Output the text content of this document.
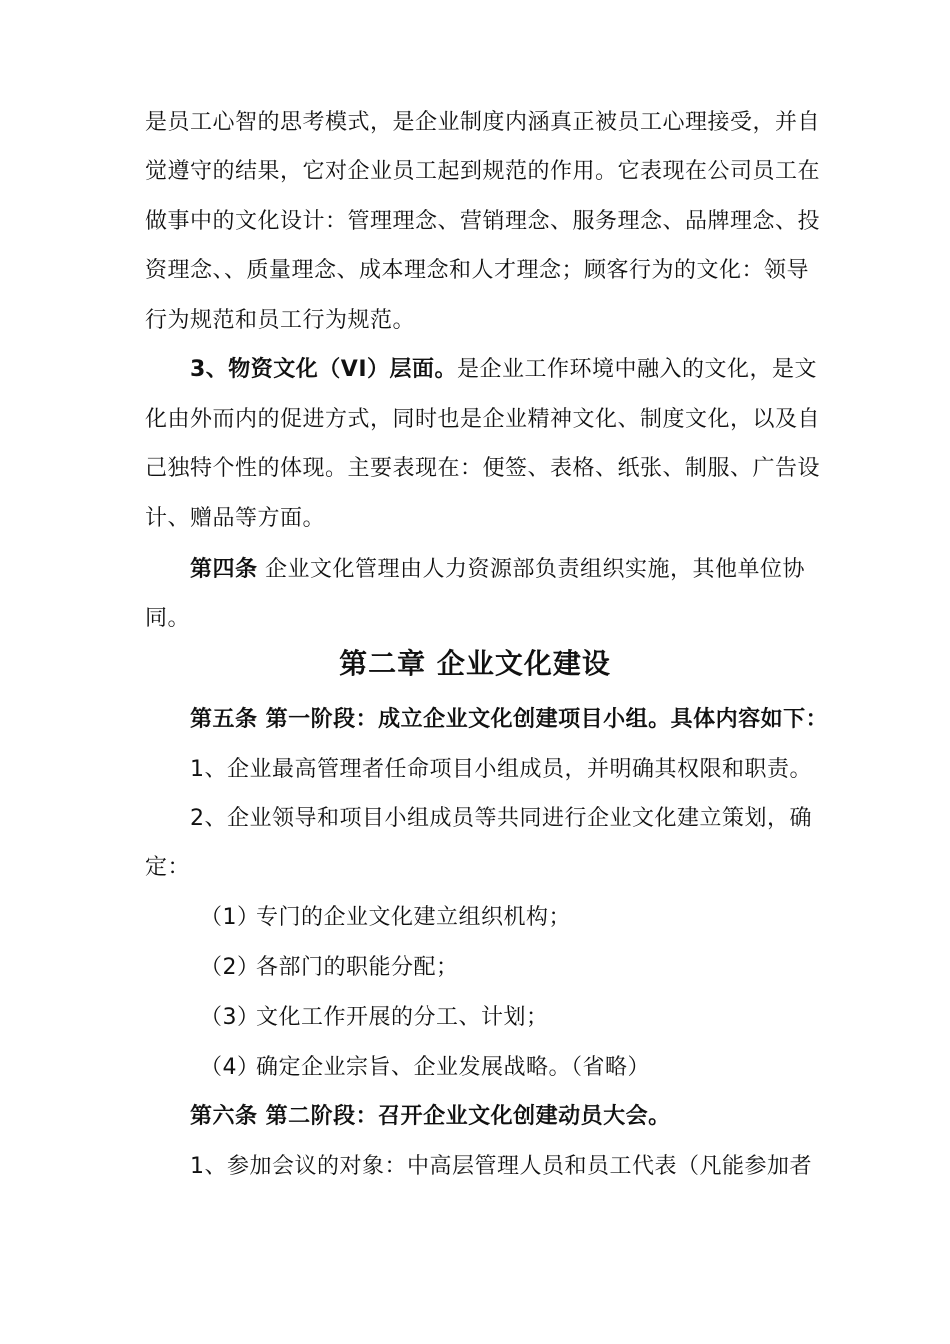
是员工心智的思考模式，是企业制度内涵真正被员工心理接受，并自
觉遵守的结果，它对企业员工起到规范的作用。它表现在公司员工在
做事中的文化设计：管理理念、营销理念、服务理念、品牌理念、投
资理念、、质量理念、成本理念和人才理念；顾客行为的文化：领导
行为规范和员工行为规范。
3、物资文化（VI）层面。是企业工作环境中融入的文化，是文
化由外而内的促进方式，同时也是企业精神文化、制度文化，以及自
己独特个性的体现。主要表现在：便签、表格、纸张、制服、广告设
计、赠品等方面。
第四条 企业文化管理由人力资源部负责组织实施，其他单位协
同。
第二章 企业文化建设
第五条 第一阶段：成立企业文化创建项目小组。具体内容如下：
1、企业最高管理者任命项目小组成员，并明确其权限和职责。
2、企业领导和项目小组成员等共同进行企业文化建立策划，确
定：
（1）专门的企业文化建立组织机构；
（2）各部门的职能分配；
（3）文化工作开展的分工、计划；
（4）确定企业宗旨、企业发展战略。（省略）
第六条 第二阶段：召开企业文化创建动员大会。
1、参加会议的对象：中高层管理人员和员工代表（凡能参加者
